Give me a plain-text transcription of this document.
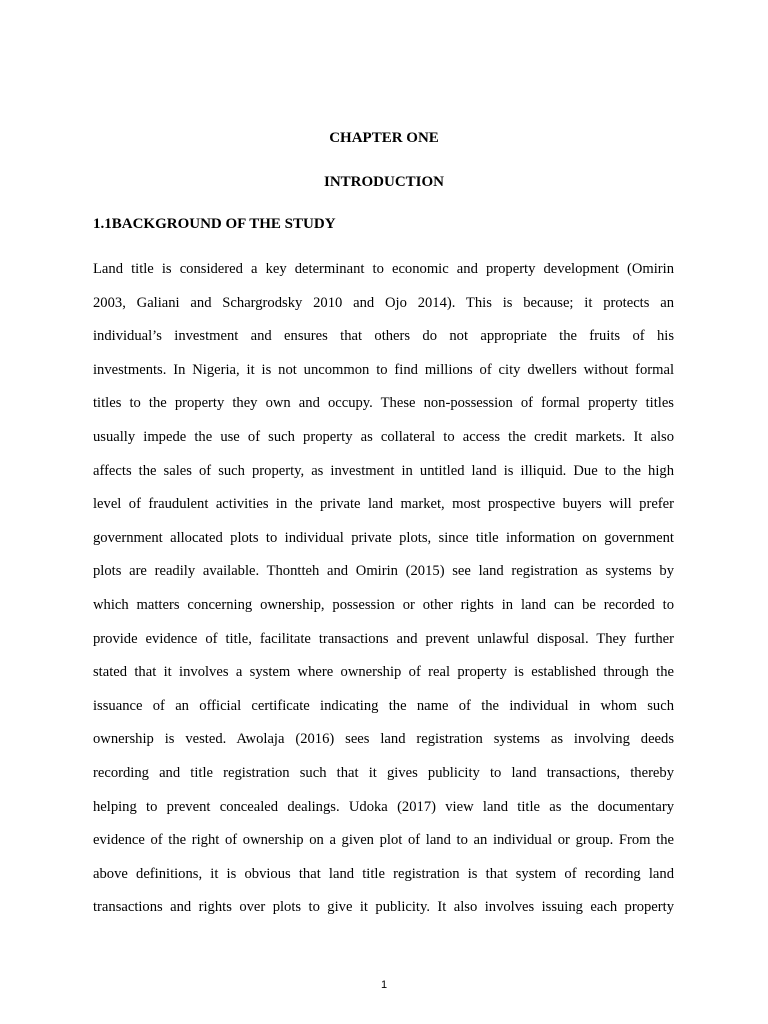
CHAPTER ONE
INTRODUCTION
1.1BACKGROUND OF THE STUDY
Land title is considered a key determinant to economic and property development (Omirin
2003, Galiani and Schargrodsky 2010 and Ojo 2014). This is because; it protects an
individual’s investment and ensures that others do not appropriate the fruits of his
investments. In Nigeria, it is not uncommon to find millions of city dwellers without formal
titles to the property they own and occupy. These non-possession of formal property titles
usually impede the use of such property as collateral to access the credit markets. It also
affects the sales of such property, as investment in untitled land is illiquid. Due to the high
level of fraudulent activities in the private land market, most prospective buyers will prefer
government allocated plots to individual private plots, since title information on government
plots are readily available. Thontteh and Omirin (2015) see land registration as systems by
which matters concerning ownership, possession or other rights in land can be recorded to
provide evidence of title, facilitate transactions and prevent unlawful disposal. They further
stated that it involves a system where ownership of real property is established through the
issuance of an official certificate indicating the name of the individual in whom such
ownership is vested. Awolaja (2016) sees land registration systems as involving deeds
recording and title registration such that it gives publicity to land transactions, thereby
helping to prevent concealed dealings. Udoka (2017) view land title as the documentary
evidence of the right of ownership on a given plot of land to an individual or group. From the
above definitions, it is obvious that land title registration is that system of recording land
transactions and rights over plots to give it publicity. It also involves issuing each property
1
